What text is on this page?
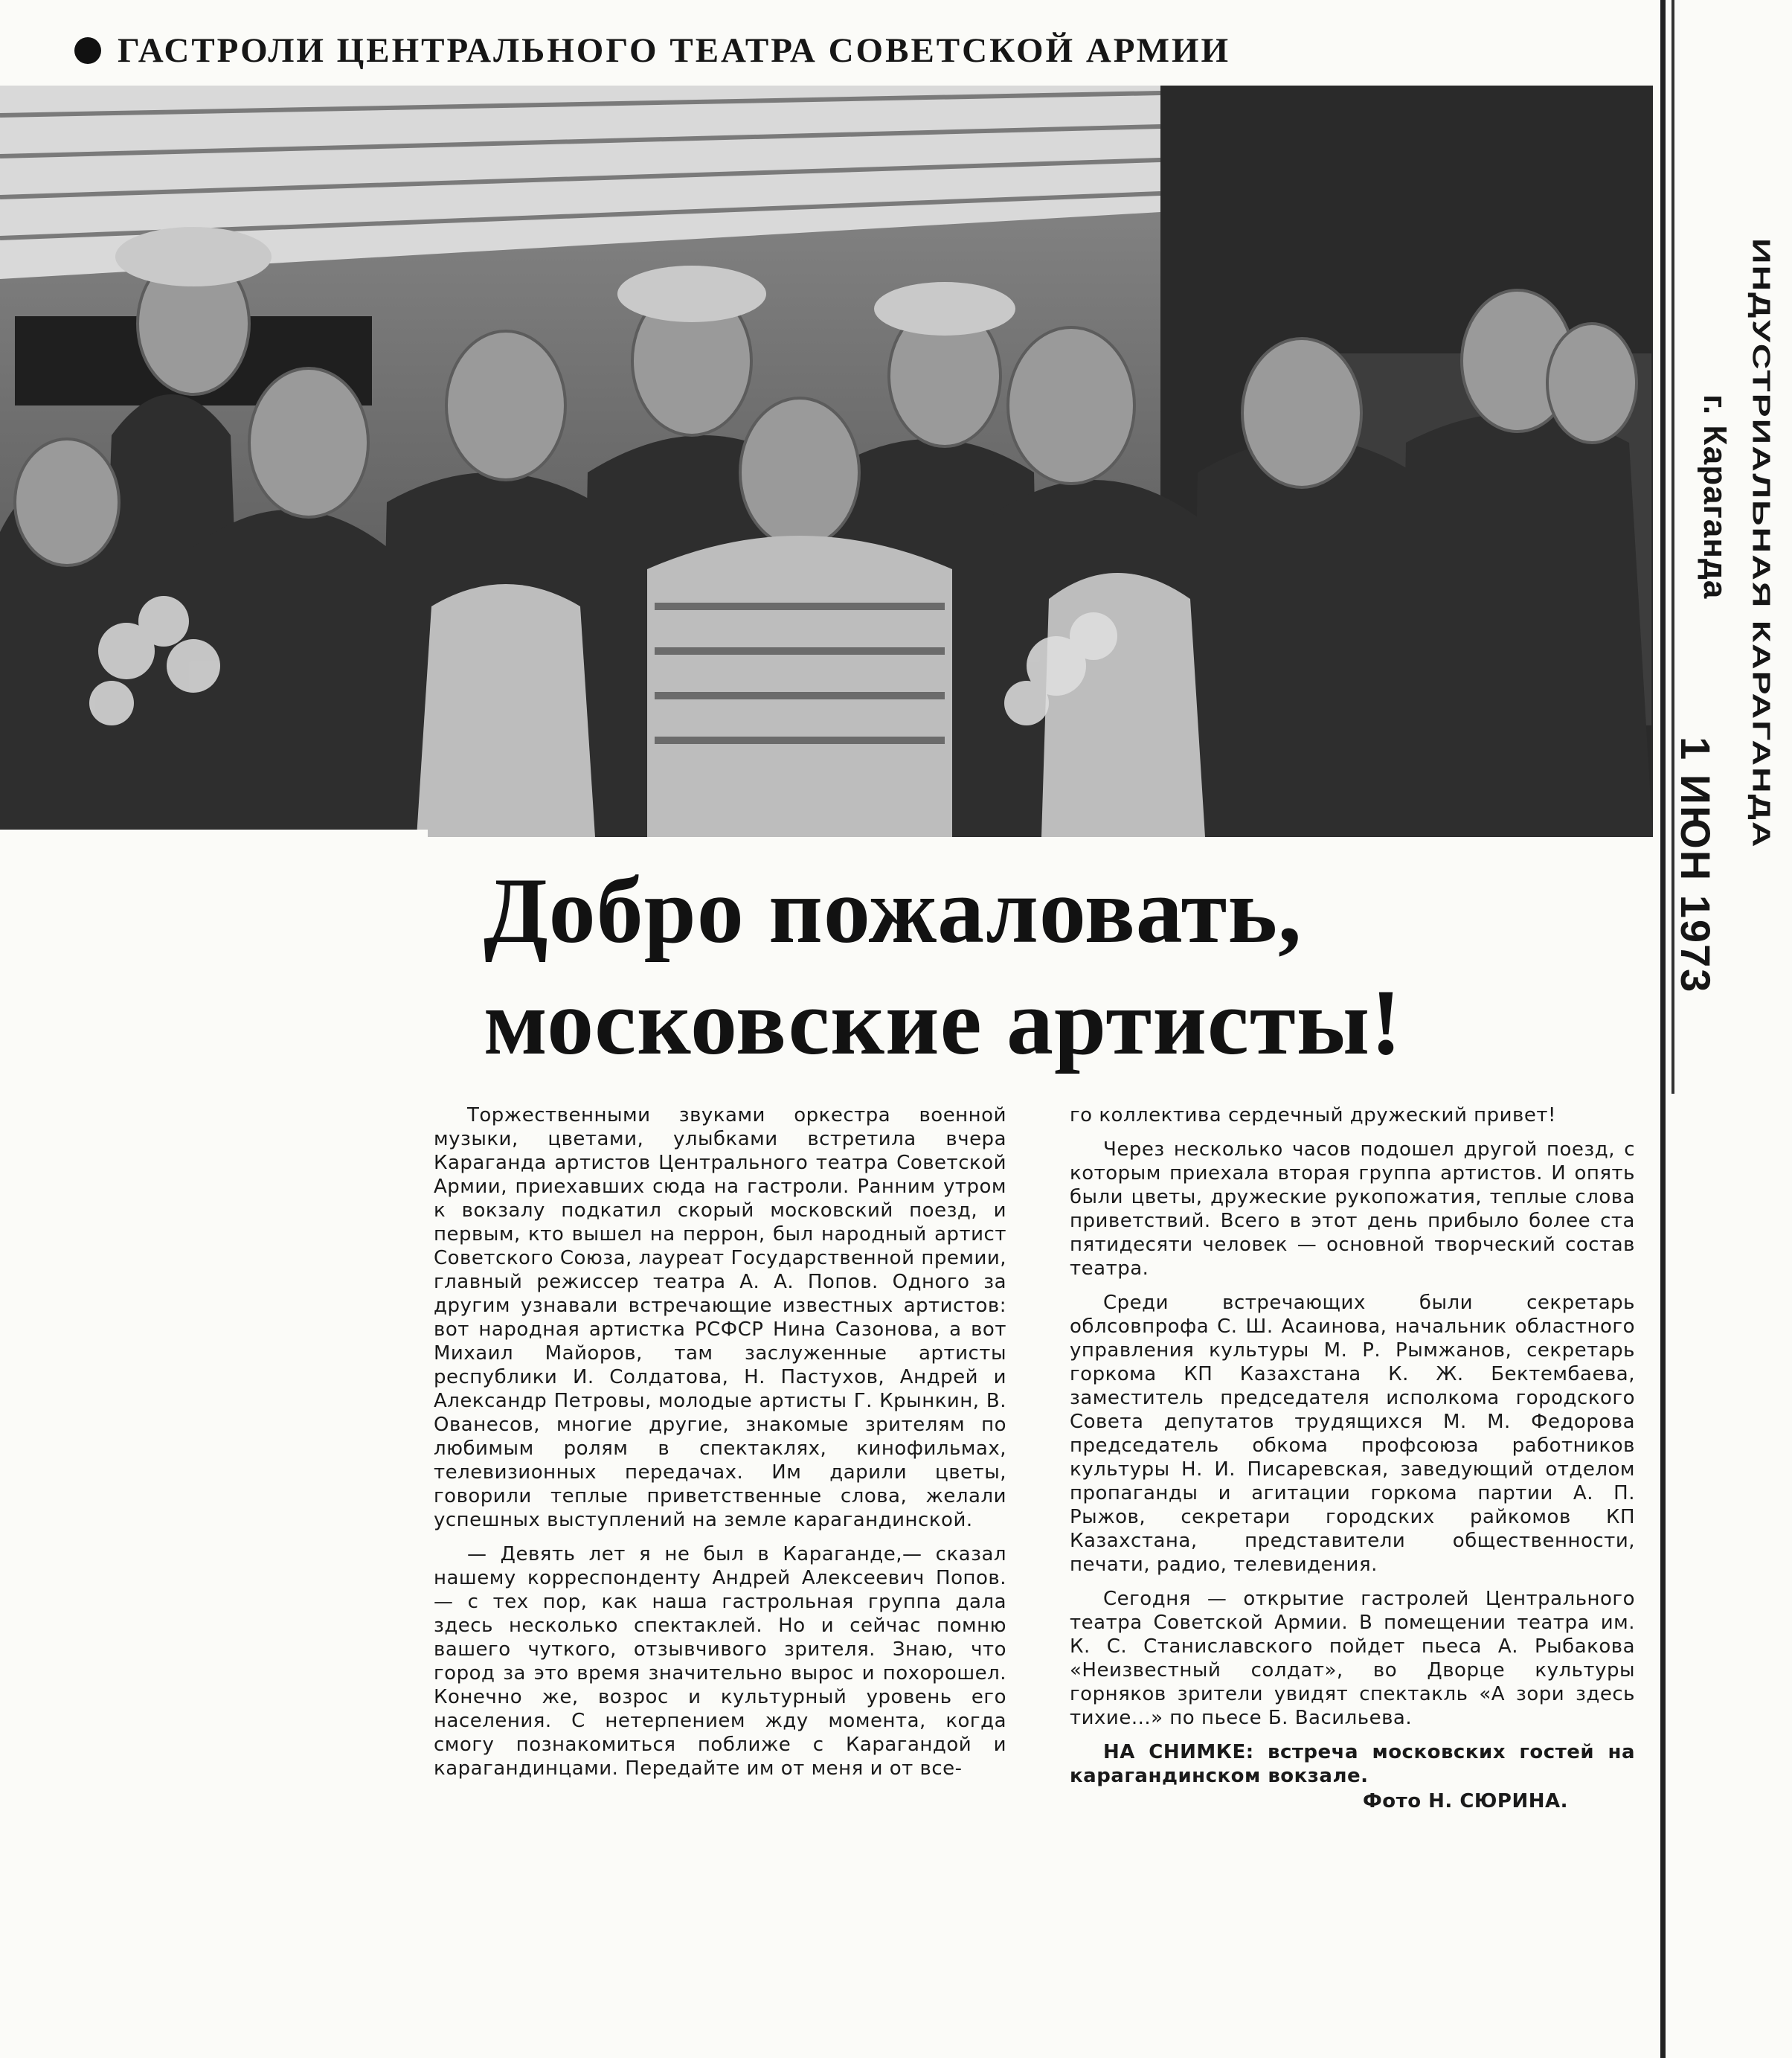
ГАСТРОЛИ ЦЕНТРАЛЬНОГО ТЕАТРА СОВЕТСКОЙ АРМИИ
Добро пожаловать,
московские артисты!

Торжественными звуками оркестра военной музыки, цветами, улыбками встретила вчера Караганда артистов Центрального театра Советской Армии, приехавших сюда на гастроли. Ранним утром к вокзалу подкатил скорый московский поезд, и первым, кто вышел на перрон, был народный артист Советского Союза, лауреат Государственной премии, главный режиссер театра А. А. Попов. Одного за другим узнавали встречающие известных артистов: вот народная артистка РСФСР Нина Сазонова, а вот Михаил Майоров, там заслуженные артисты республики И. Солдатова, Н. Пастухов, Андрей и Александр Петровы, молодые артисты Г. Крынкин, В. Ованесов, многие другие, знакомые зрителям по любимым ролям в спектаклях, кинофильмах, телевизионных передачах. Им дарили цветы, говорили теплые приветственные слова, желали успешных выступлений на земле карагандинской.

— Девять лет я не был в Караганде,— сказал нашему корреспонденту Андрей Алексеевич Попов.— с тех пор, как наша гастрольная группа дала здесь несколько спектаклей. Но и сейчас помню вашего чуткого, отзывчивого зрителя. Знаю, что город за это время значительно вырос и похорошел. Конечно же, возрос и культурный уровень его населения. С нетерпением жду момента, когда смогу познакомиться поближе с Карагандой и карагандинцами. Передайте им от меня и от все-

го коллектива сердечный дружеский привет!

Через несколько часов подошел другой поезд, с которым приехала вторая группа артистов. И опять были цветы, дружеские рукопожатия, теплые слова приветствий. Всего в этот день прибыло более ста пятидесяти человек — основной творческий состав театра.

Среди встречающих были секретарь облсовпрофа С. Ш. Асаинова, начальник областного управления культуры М. Р. Рымжанов, секретарь горкома КП Казахстана К. Ж. Бектембаева, заместитель председателя исполкома городского Совета депутатов трудящихся М. М. Федорова председатель обкома профсоюза работников культуры Н. И. Писаревская, заведующий отделом пропаганды и агитации горкома партии А. П. Рыжов, секретари городских райкомов КП Казахстана, представители общественности, печати, радио, телевидения.

Сегодня — открытие гастролей Центрального театра Советской Армии. В помещении театра им. К. С. Станиславского пойдет пьеса А. Рыбакова «Неизвестный солдат», во Дворце культуры горняков зрители увидят спектакль «А зори здесь тихие...» по пьесе Б. Васильева.

НА СНИМКЕ: встреча московских гостей на карагандинском вокзале.
Фото Н. СЮРИНА.
ИНДУСТРИАЛЬНАЯ КАРАГАНДА
г. Караганда
1 ИЮН 1973
